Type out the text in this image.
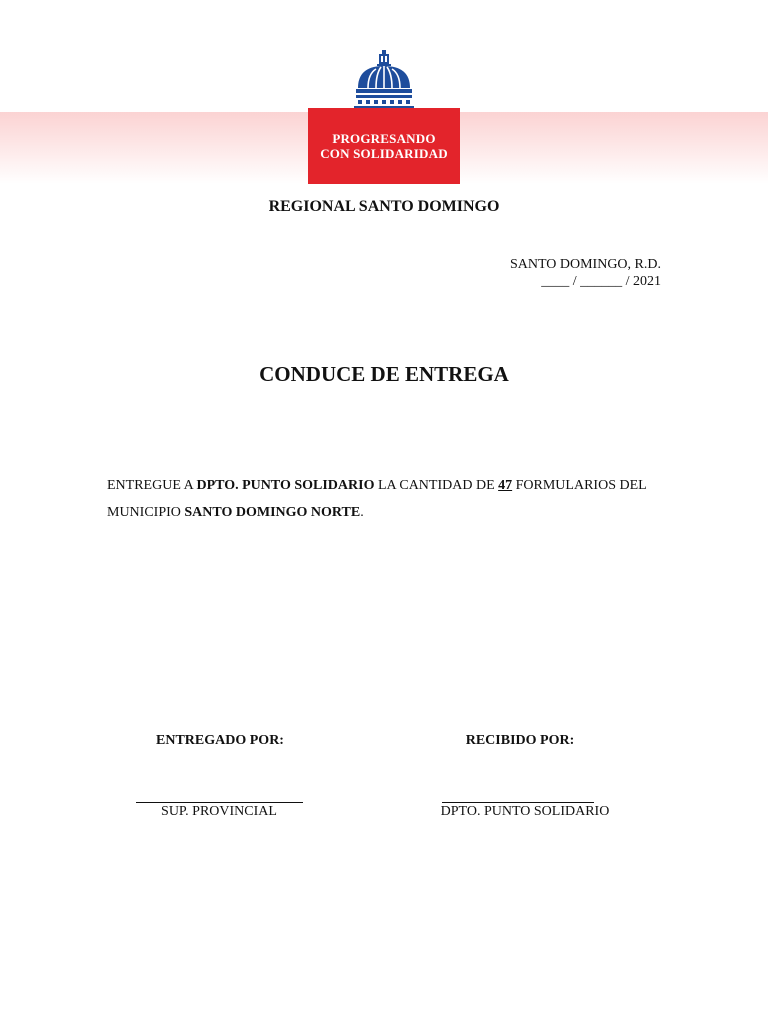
PROGRESANDO
CON SOLIDARIDAD
REGIONAL SANTO DOMINGO
SANTO DOMINGO, R.D.
____ / ______ / 2021
CONDUCE DE ENTREGA
ENTREGUE A DPTO. PUNTO SOLIDARIO LA CANTIDAD DE 47 FORMULARIOS DEL MUNICIPIO SANTO DOMINGO NORTE.
ENTREGADO POR:	RECIBIDO POR:
SUP. PROVINCIAL	DPTO. PUNTO SOLIDARIO
